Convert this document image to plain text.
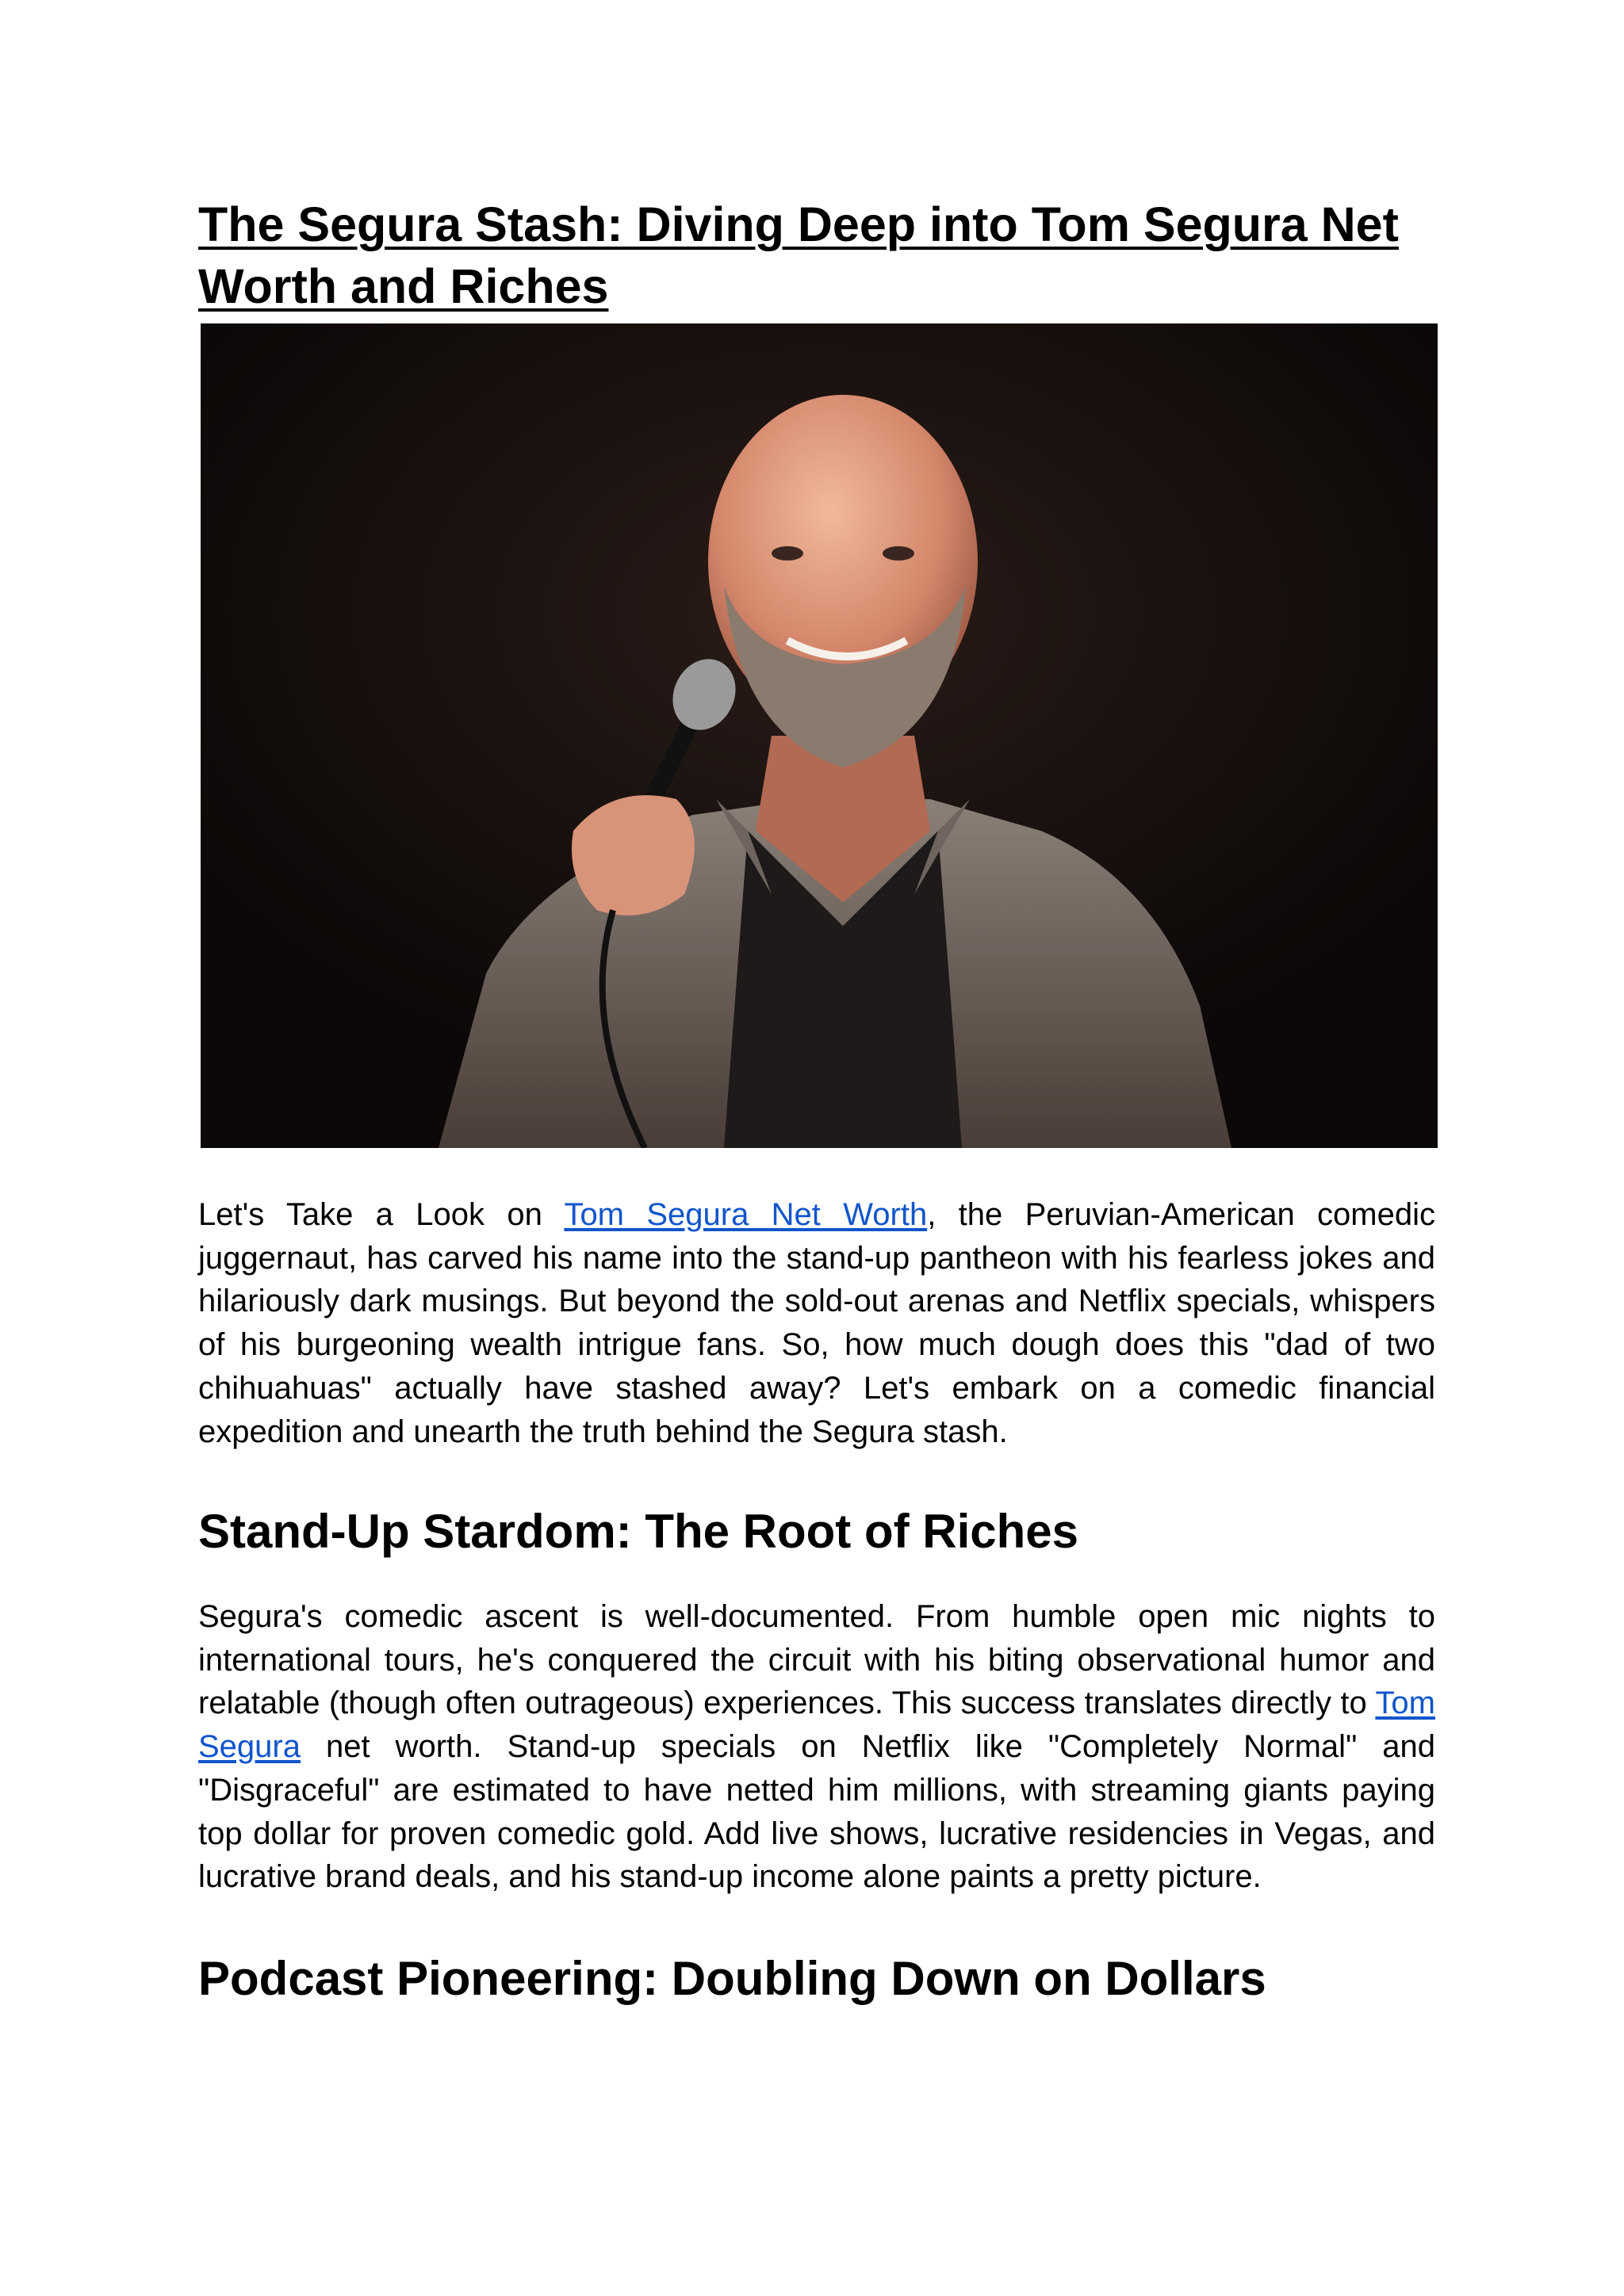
The Segura Stash: Diving Deep into Tom Segura Net Worth and Riches

Let's Take a Look on Tom Segura Net Worth, the Peruvian-American comedic juggernaut, has carved his name into the stand-up pantheon with his fearless jokes and hilariously dark musings. But beyond the sold-out arenas and Netflix specials, whispers of his burgeoning wealth intrigue fans. So, how much dough does this "dad of two chihuahuas" actually have stashed away? Let's embark on a comedic financial expedition and unearth the truth behind the Segura stash.

Stand-Up Stardom: The Root of Riches

Segura's comedic ascent is well-documented. From humble open mic nights to international tours, he's conquered the circuit with his biting observational humor and relatable (though often outrageous) experiences. This success translates directly to Tom Segura net worth. Stand-up specials on Netflix like "Completely Normal" and "Disgraceful" are estimated to have netted him millions, with streaming giants paying top dollar for proven comedic gold. Add live shows, lucrative residencies in Vegas, and lucrative brand deals, and his stand-up income alone paints a pretty picture.

Podcast Pioneering: Doubling Down on Dollars
